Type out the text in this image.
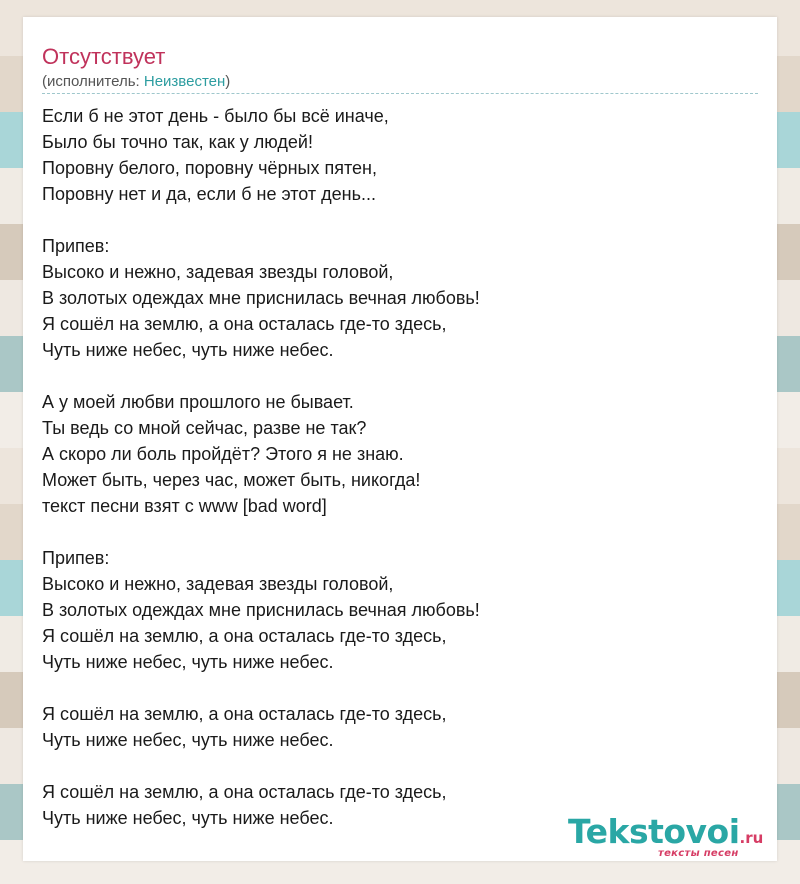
Отсутствует
(исполнитель: Неизвестен)
Если б не этот день - было бы всё иначе,
Было бы точно так, как у людей!
Поровну белого, поровну чёрных пятен,
Поровну нет и да, если б не этот день...
Припев:
Высоко и нежно, задевая звезды головой,
В золотых одеждах мне приснилась вечная любовь!
Я сошёл на землю, а она осталась где-то здесь,
Чуть ниже небес, чуть ниже небес.
А у моей любви прошлого не бывает.
Ты ведь со мной сейчас, разве не так?
А скоро ли боль пройдёт? Этого я не знаю.
Может быть, через час, может быть, никогда!
текст песни взят с www [bad word]
Припев:
Высоко и нежно, задевая звезды головой,
В золотых одеждах мне приснилась вечная любовь!
Я сошёл на землю, а она осталась где-то здесь,
Чуть ниже небес, чуть ниже небес.
Я сошёл на землю, а она осталась где-то здесь,
Чуть ниже небес, чуть ниже небес.
Я сошёл на землю, а она осталась где-то здесь,
Чуть ниже небес, чуть ниже небес.	Tekstovoi.ru
тексты песен
